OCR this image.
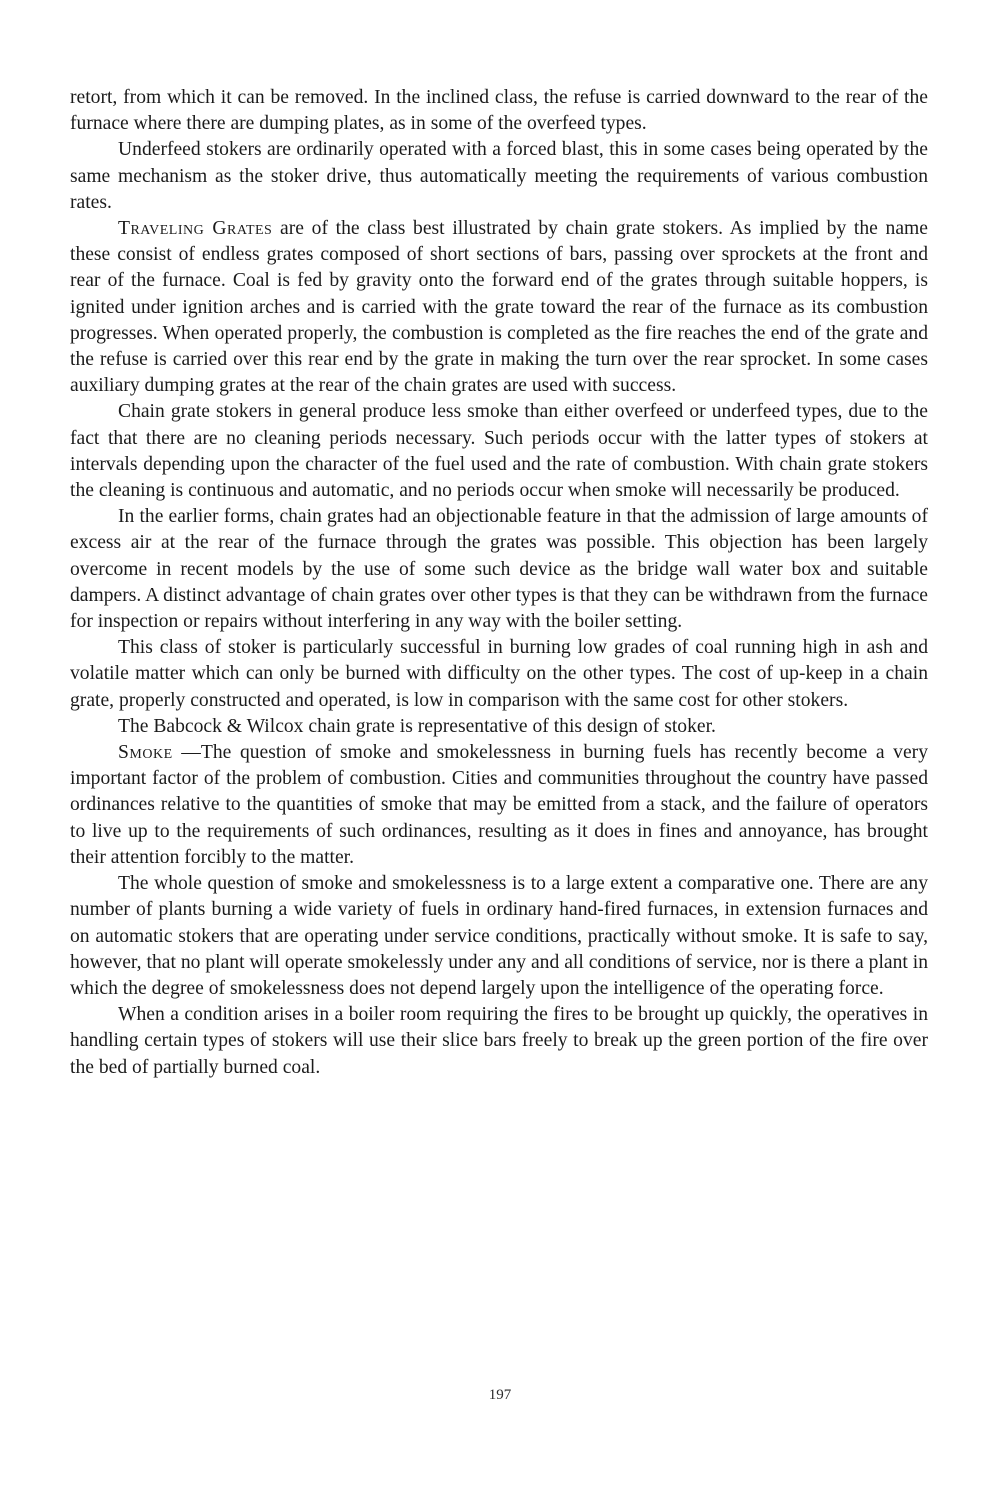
retort, from which it can be removed. In the inclined class, the refuse is carried downward to the rear of the furnace where there are dumping plates, as in some of the overfeed types.

Underfeed stokers are ordinarily operated with a forced blast, this in some cases being operated by the same mechanism as the stoker drive, thus automatically meeting the requirements of various combustion rates.

Traveling Grates are of the class best illustrated by chain grate stokers. As implied by the name these consist of endless grates composed of short sections of bars, passing over sprockets at the front and rear of the furnace. Coal is fed by gravity onto the forward end of the grates through suitable hoppers, is ignited under ignition arches and is carried with the grate toward the rear of the furnace as its combustion progresses. When operated properly, the combustion is completed as the fire reaches the end of the grate and the refuse is carried over this rear end by the grate in making the turn over the rear sprocket. In some cases auxiliary dumping grates at the rear of the chain grates are used with success.

Chain grate stokers in general produce less smoke than either overfeed or underfeed types, due to the fact that there are no cleaning periods necessary. Such periods occur with the latter types of stokers at intervals depending upon the character of the fuel used and the rate of combustion. With chain grate stokers the cleaning is continuous and automatic, and no periods occur when smoke will necessarily be produced.

In the earlier forms, chain grates had an objectionable feature in that the admission of large amounts of excess air at the rear of the furnace through the grates was possible. This objection has been largely overcome in recent models by the use of some such device as the bridge wall water box and suitable dampers. A distinct advantage of chain grates over other types is that they can be withdrawn from the furnace for inspection or repairs without interfering in any way with the boiler setting.

This class of stoker is particularly successful in burning low grades of coal running high in ash and volatile matter which can only be burned with difficulty on the other types. The cost of up-keep in a chain grate, properly constructed and operated, is low in comparison with the same cost for other stokers.

The Babcock & Wilcox chain grate is representative of this design of stoker.

Smoke —The question of smoke and smokelessness in burning fuels has recently become a very important factor of the problem of combustion. Cities and communities throughout the country have passed ordinances relative to the quantities of smoke that may be emitted from a stack, and the failure of operators to live up to the requirements of such ordinances, resulting as it does in fines and annoyance, has brought their attention forcibly to the matter.

The whole question of smoke and smokelessness is to a large extent a comparative one. There are any number of plants burning a wide variety of fuels in ordinary hand-fired furnaces, in extension furnaces and on automatic stokers that are operating under service conditions, practically without smoke. It is safe to say, however, that no plant will operate smokelessly under any and all conditions of service, nor is there a plant in which the degree of smokelessness does not depend largely upon the intelligence of the operating force.

When a condition arises in a boiler room requiring the fires to be brought up quickly, the operatives in handling certain types of stokers will use their slice bars freely to break up the green portion of the fire over the bed of partially burned coal.

197
